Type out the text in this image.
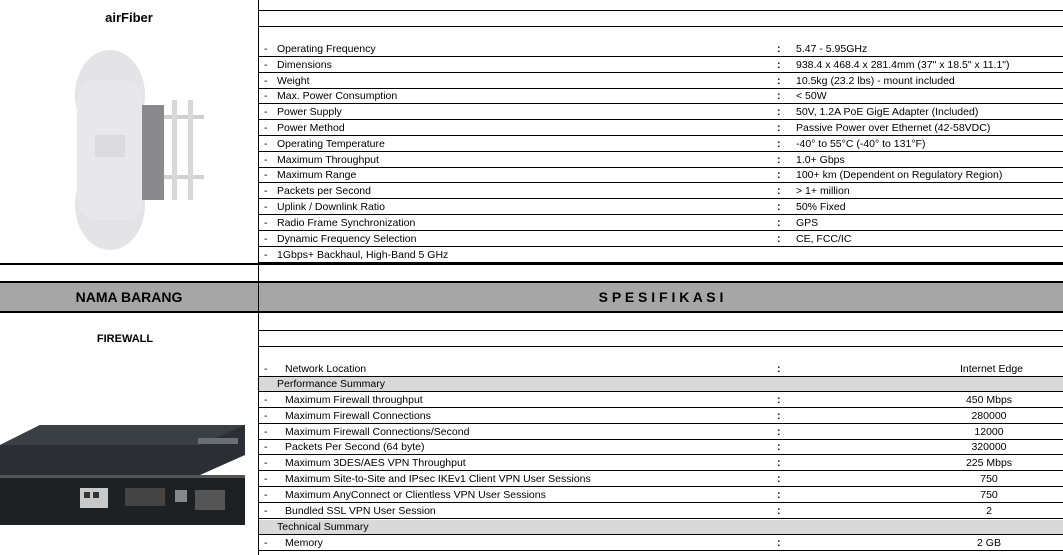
airFiber
- Operating Frequency	: 5.47 - 5.95GHz
- Dimensions	: 938.4 x 468.4 x 281.4mm (37" x 18.5" x 11.1")
- Weight	: 10.5kg (23.2 lbs) - mount included
- Max. Power Consumption	: < 50W
- Power Supply	: 50V, 1.2A PoE GigE Adapter (Included)
- Power Method	: Passive Power over Ethernet (42-58VDC)
- Operating Temperature	: -40° to 55°C (-40° to 131°F)
- Maximum Throughput	: 1.0+ Gbps
- Maximum Range	: 100+ km (Dependent on Regulatory Region)
- Packets per Second	: > 1+ million
- Uplink / Downlink Ratio	: 50% Fixed
- Radio Frame Synchronization	: GPS
- Dynamic Frequency Selection	: CE, FCC/IC
- 1Gbps+ Backhaul, High-Band 5 GHz
NAMA BARANG	S P E S I F I K A S I
FIREWALL
- Network Location	:	Internet Edge
Performance Summary
- Maximum Firewall throughput	:	450 Mbps
- Maximum Firewall Connections	:	280000
- Maximum Firewall Connections/Second	:	12000
- Packets Per Second (64 byte)	:	320000
- Maximum 3DES/AES VPN Throughput	:	225 Mbps
- Maximum Site-to-Site and IPsec IKEv1 Client VPN User Sessions	:	750
- Maximum AnyConnect or Clientless VPN User Sessions	:	750
- Bundled SSL VPN User Session	:	2
Technical Summary
- Memory	:	2 GB
